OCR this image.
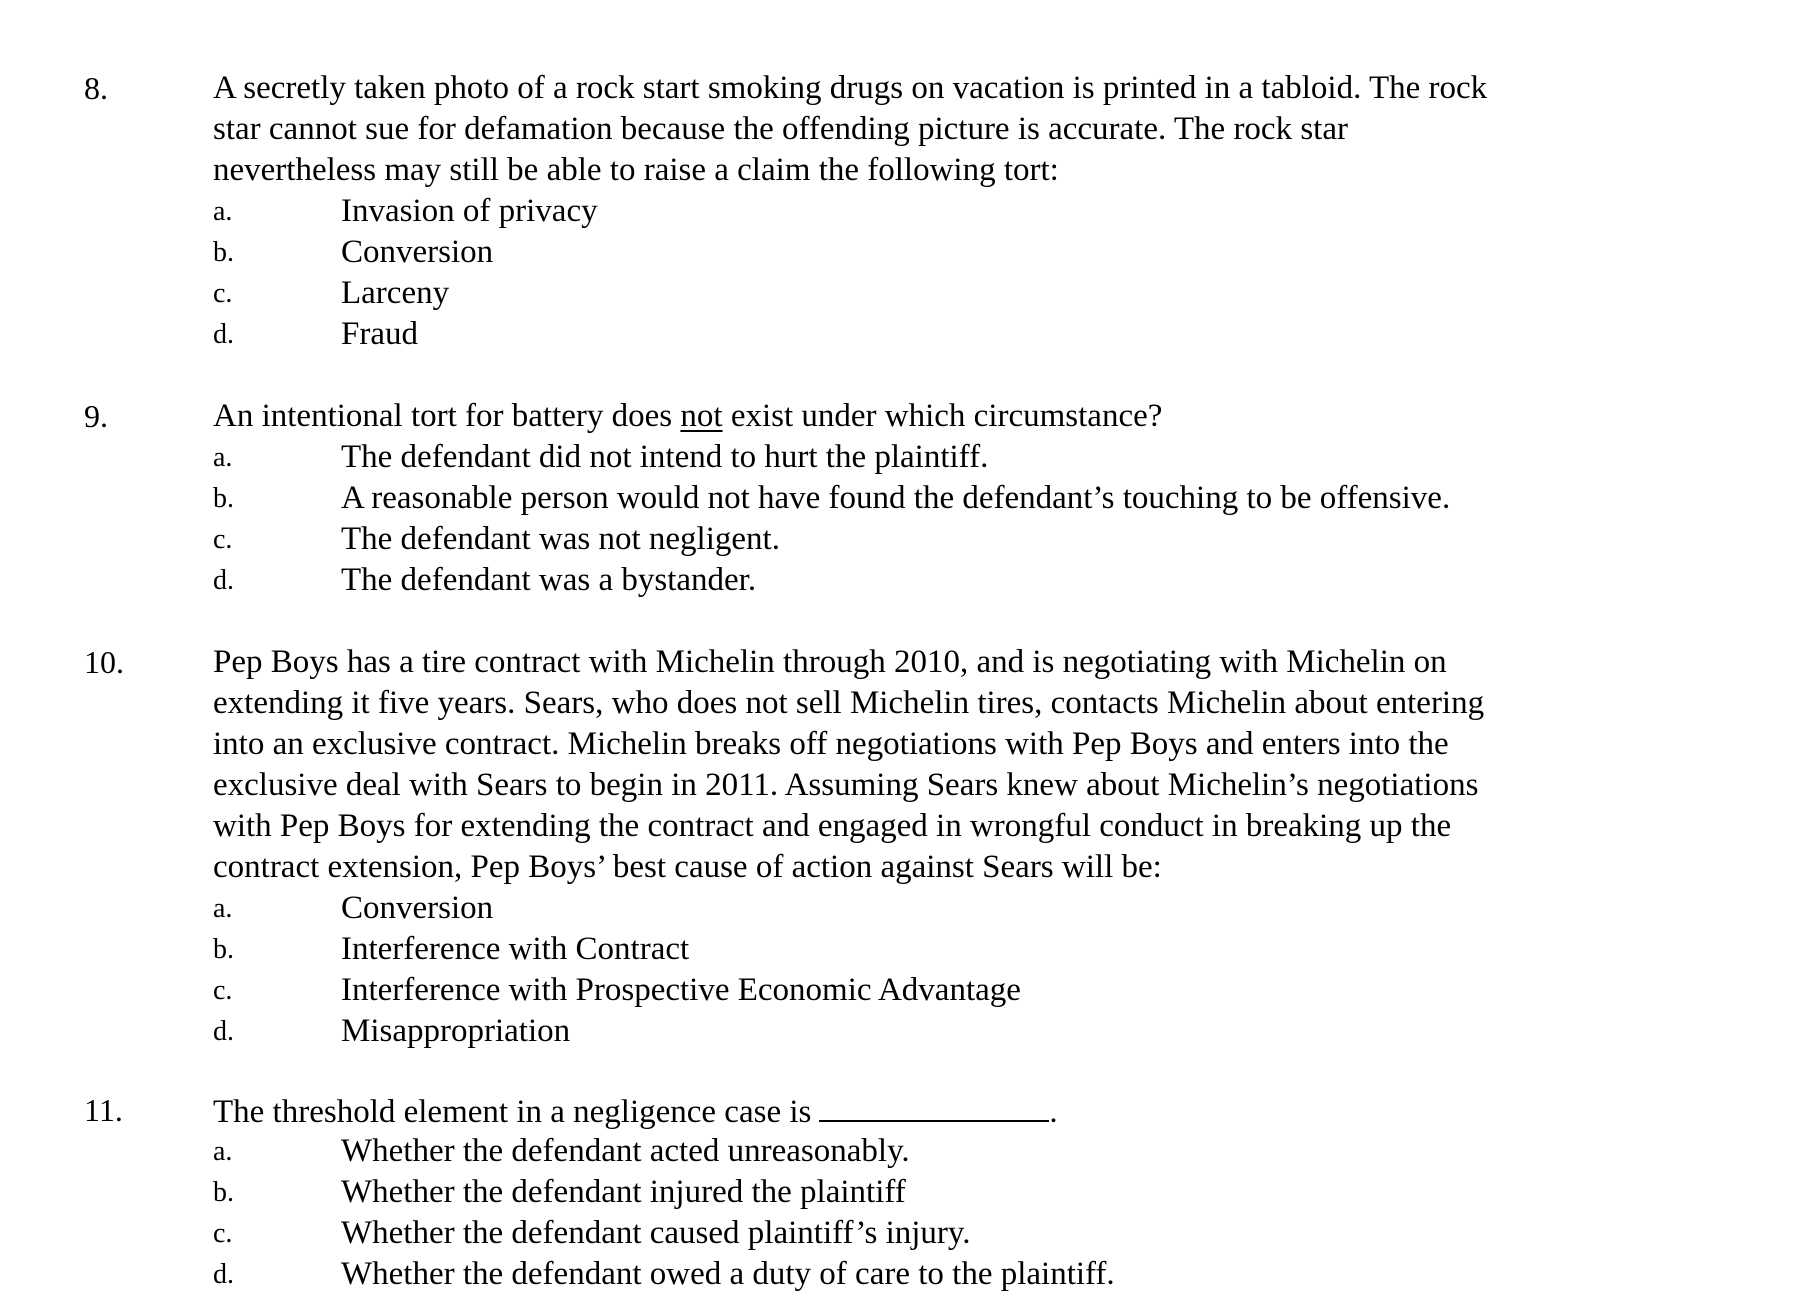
8.	A secretly taken photo of a rock start smoking drugs on vacation is printed in a tabloid. The rock
star cannot sue for defamation because the offending picture is accurate. The rock star
nevertheless may still be able to raise a claim the following tort:

a.	Invasion of privacy
b.	Conversion
c.	Larceny
d.	Fraud
9.	An intentional tort for battery does not exist under which circumstance?

a.	The defendant did not intend to hurt the plaintiff.
b.	A reasonable person would not have found the defendant’s touching to be offensive.
c.	The defendant was not negligent.
d.	The defendant was a bystander.
10.	Pep Boys has a tire contract with Michelin through 2010, and is negotiating with Michelin on
extending it five years. Sears, who does not sell Michelin tires, contacts Michelin about entering
into an exclusive contract. Michelin breaks off negotiations with Pep Boys and enters into the
exclusive deal with Sears to begin in 2011. Assuming Sears knew about Michelin’s negotiations
with Pep Boys for extending the contract and engaged in wrongful conduct in breaking up the
contract extension, Pep Boys’ best cause of action against Sears will be:

a.	Conversion
b.	Interference with Contract
c.	Interference with Prospective Economic Advantage
d.	Misappropriation
11.	The threshold element in a negligence case is	.

a.	Whether the defendant acted unreasonably.
b.	Whether the defendant injured the plaintiff
c.	Whether the defendant caused plaintiff’s injury.
d.	Whether the defendant owed a duty of care to the plaintiff.
